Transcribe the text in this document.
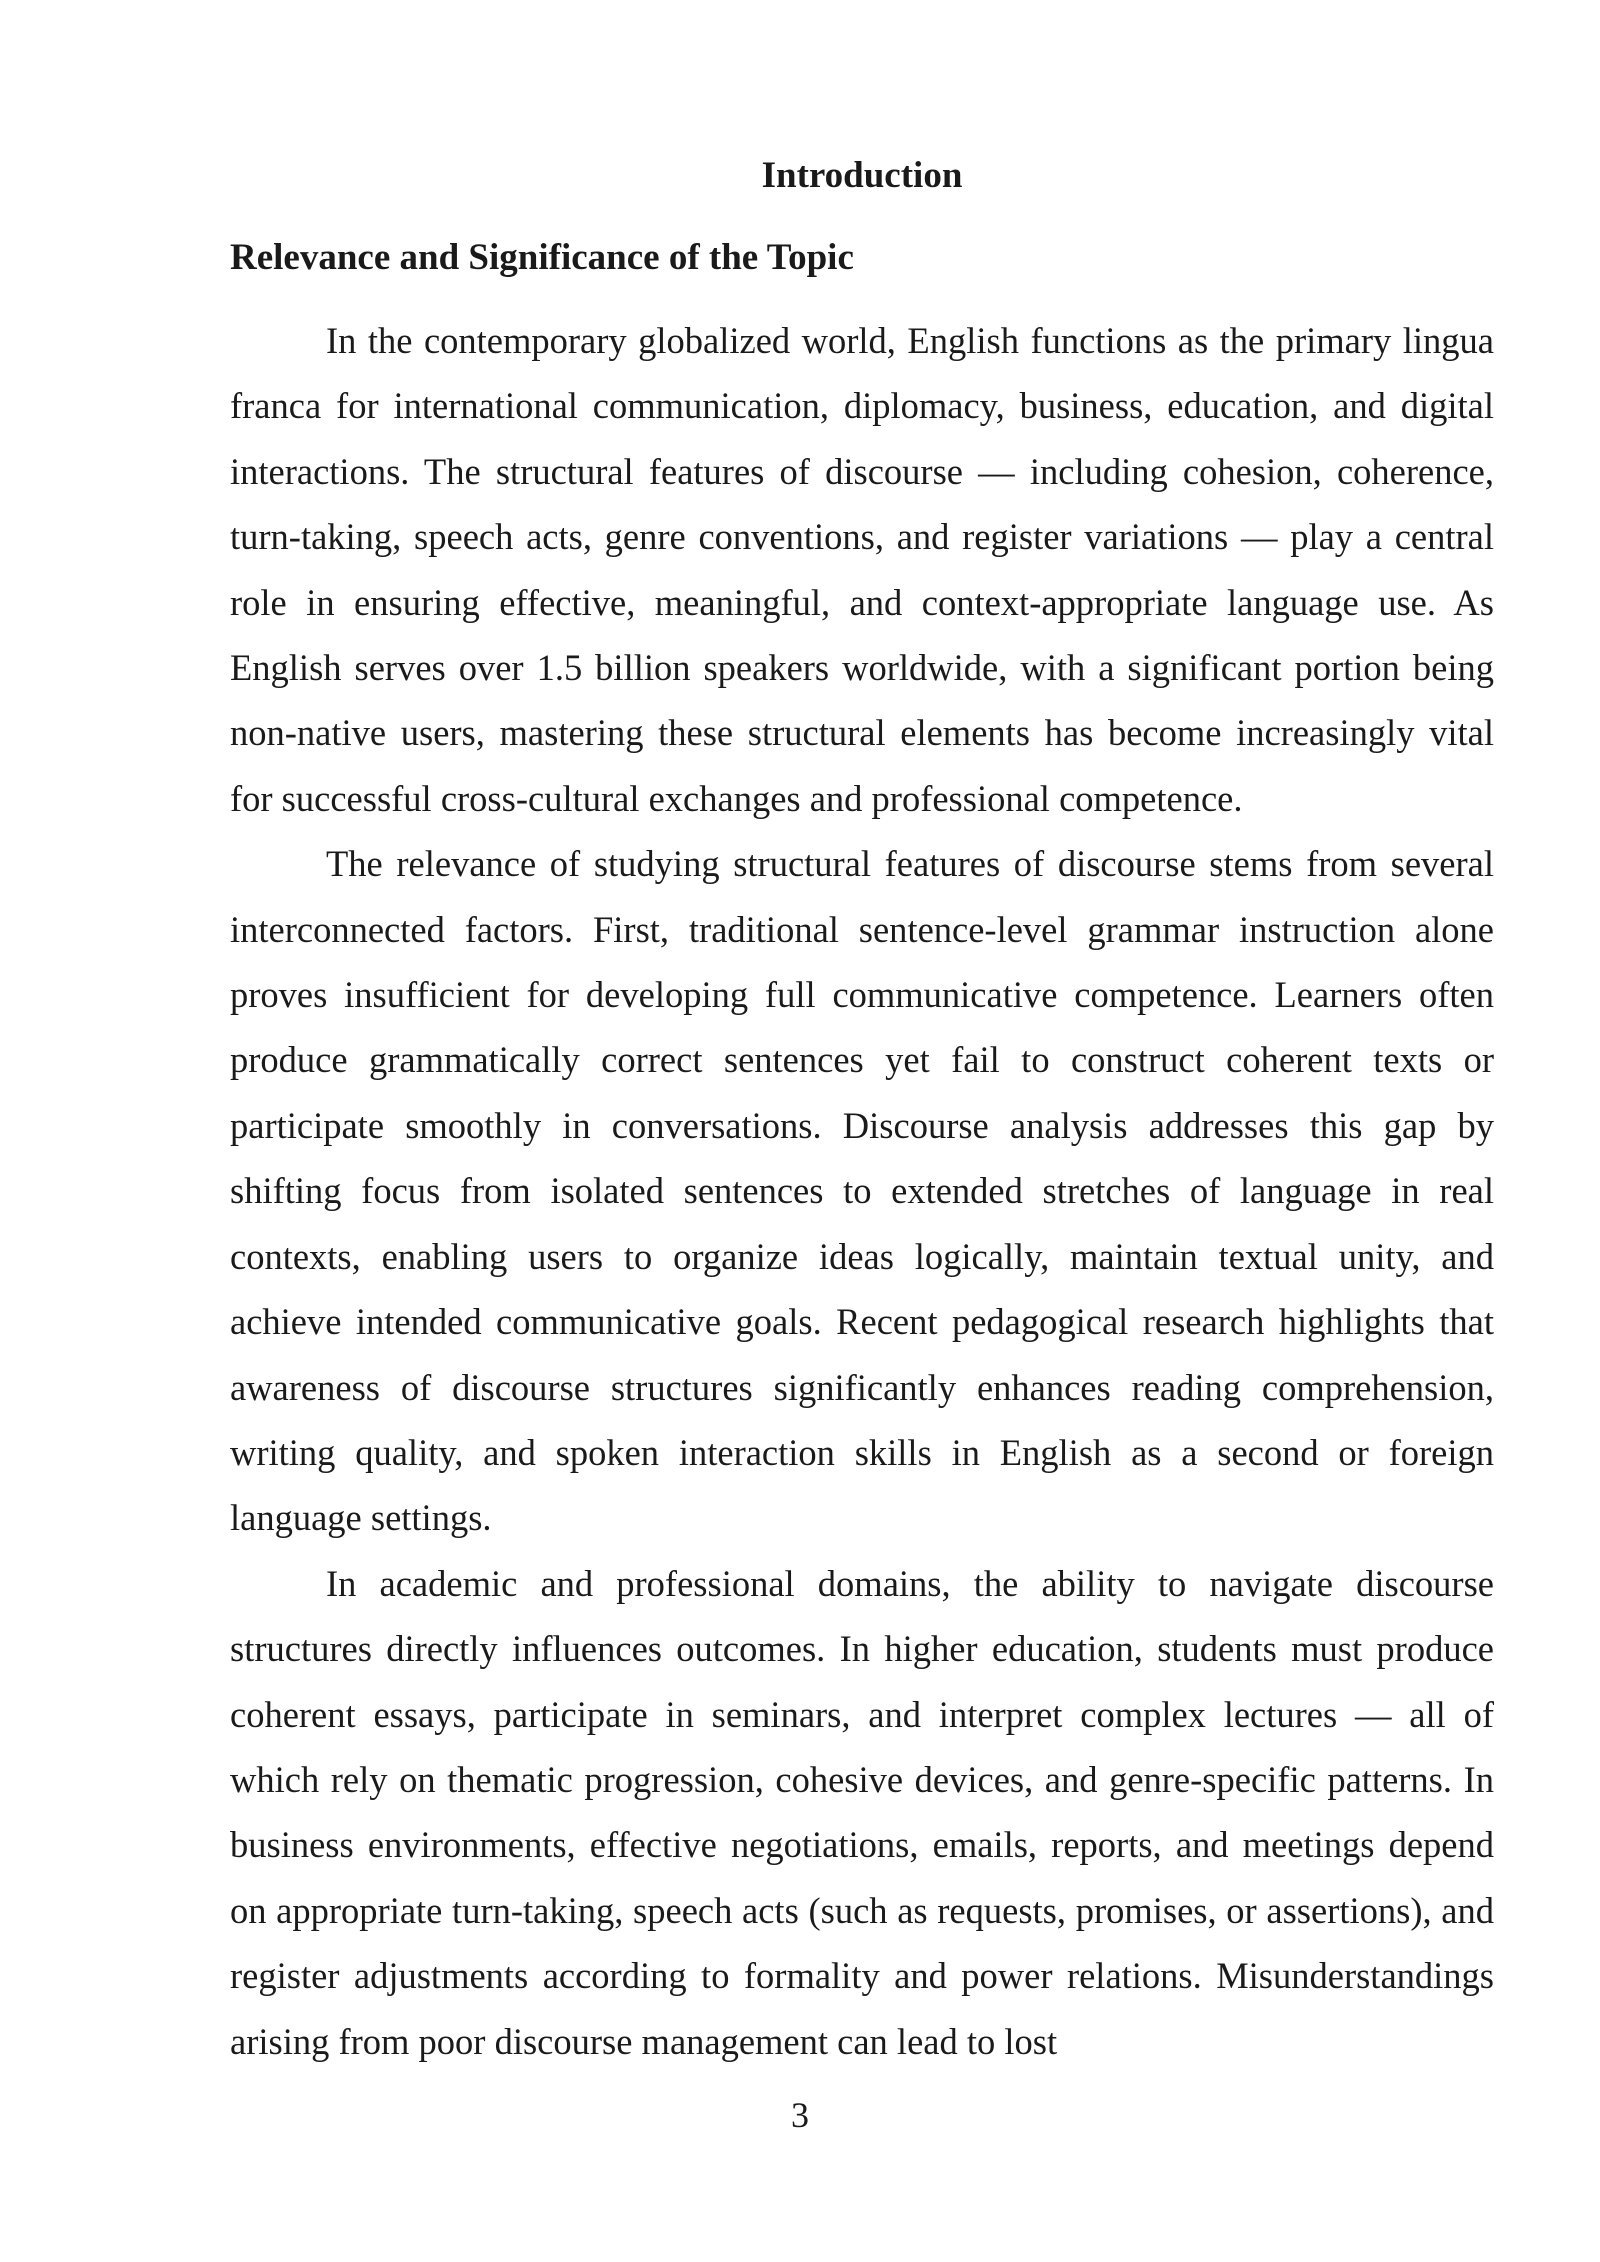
Introduction
Relevance and Significance of the Topic

In the contemporary globalized world, English functions as the primary lingua franca for international communication, diplomacy, business, education, and digital interactions. The structural features of discourse — including cohesion, coherence, turn-taking, speech acts, genre conventions, and register variations — play a central role in ensuring effective, meaningful, and context-appropriate language use. As English serves over 1.5 billion speakers worldwide, with a significant portion being non-native users, mastering these structural elements has become increasingly vital for successful cross-cultural exchanges and professional competence.

The relevance of studying structural features of discourse stems from several interconnected factors. First, traditional sentence-level grammar instruction alone proves insufficient for developing full communicative competence. Learners often produce grammatically correct sentences yet fail to construct coherent texts or participate smoothly in conversations. Discourse analysis addresses this gap by shifting focus from isolated sentences to extended stretches of language in real contexts, enabling users to organize ideas logically, maintain textual unity, and achieve intended communicative goals. Recent pedagogical research highlights that awareness of discourse structures significantly enhances reading comprehension, writing quality, and spoken interaction skills in English as a second or foreign language settings.

In academic and professional domains, the ability to navigate discourse structures directly influences outcomes. In higher education, students must produce coherent essays, participate in seminars, and interpret complex lectures — all of which rely on thematic progression, cohesive devices, and genre-specific patterns. In business environments, effective negotiations, emails, reports, and meetings depend on appropriate turn-taking, speech acts (such as requests, promises, or assertions), and register adjustments according to formality and power relations. Misunderstandings arising from poor discourse management can lead to lost

3
